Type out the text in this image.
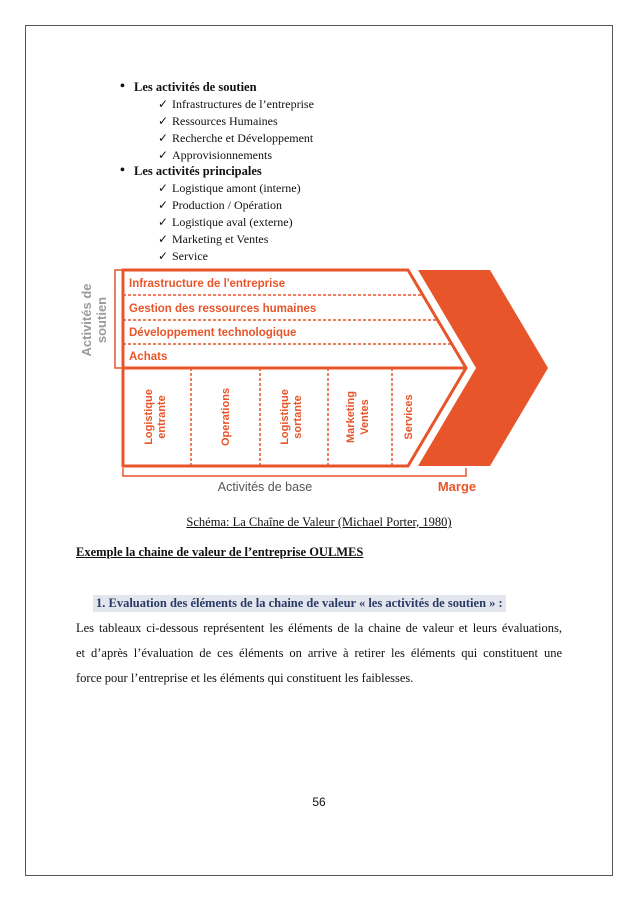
• Les activités de soutien
✓ Infrastructures de l’entreprise
✓ Ressources Humaines
✓ Recherche et Développement
✓ Approvisionnements
• Les activités principales
✓ Logistique amont (interne)
✓ Production / Opération
✓ Logistique aval (externe)
✓ Marketing et Ventes
✓ Service
Activités de soutien
Infrastructure de l'entreprise
Gestion des ressources humaines
Développement technologique
Achats
Logistique entrante	Operations	Logistique sortante	Marketing Ventes	Services
Activités de base	Marge
Schéma: La Chaîne de Valeur (Michael Porter, 1980)
Exemple la chaine de valeur de l’entreprise OULMES
1. Evaluation des éléments de la chaine de valeur « les activités de soutien » :
Les tableaux ci-dessous représentent les éléments de la chaine de valeur et leurs évaluations,
et d’après l’évaluation de ces éléments on arrive à retirer les éléments qui constituent une
force pour l’entreprise et les éléments qui constituent les faiblesses.
56
